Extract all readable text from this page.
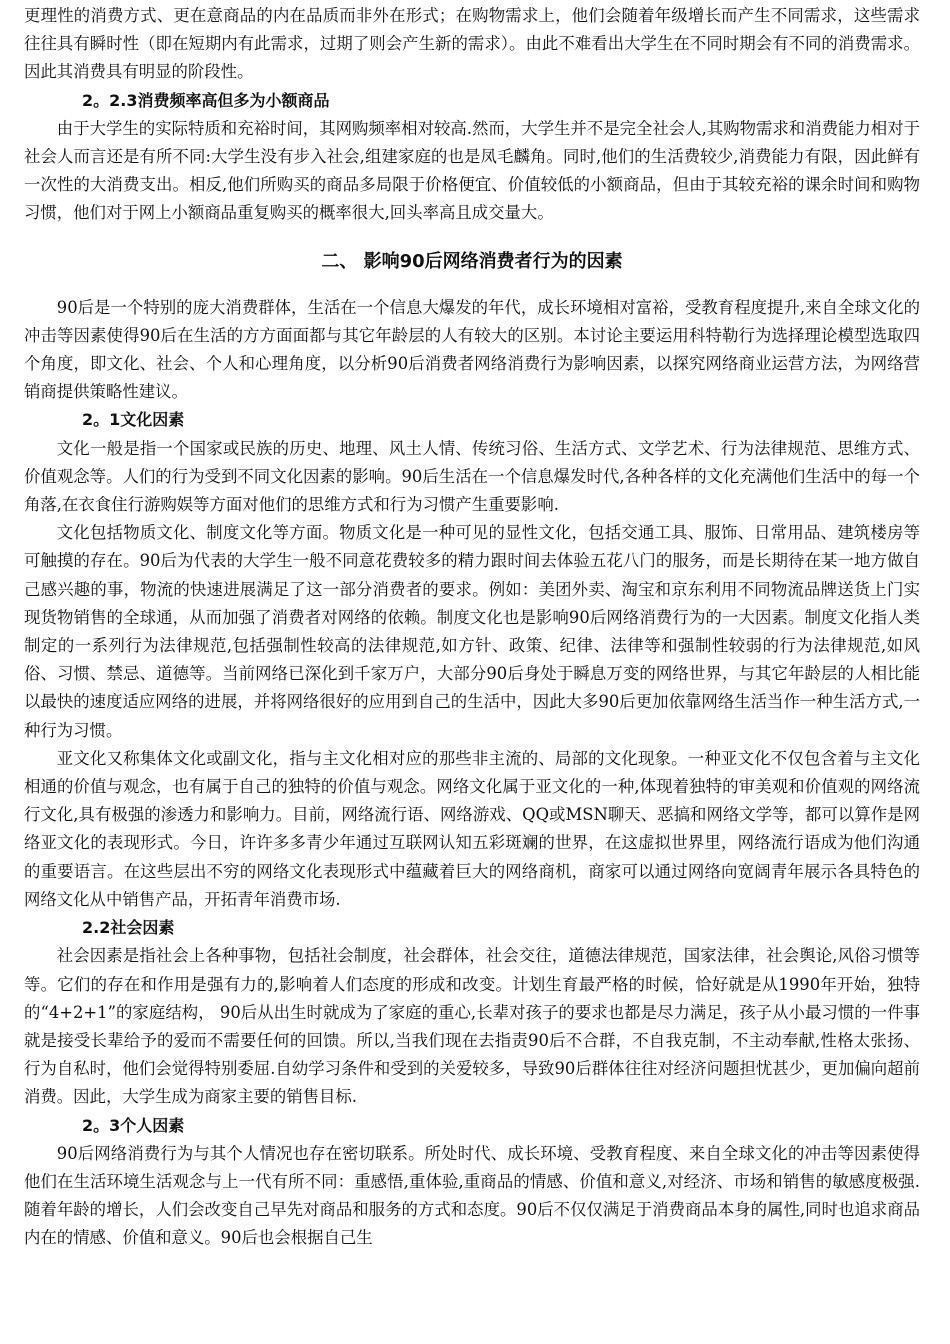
更理性的消费方式、更在意商品的内在品质而非外在形式；在购物需求上，他们会随着年级增长而产生不同需求，这些需求往往具有瞬时性（即在短期内有此需求，过期了则会产生新的需求）。由此不难看出大学生在不同时期会有不同的消费需求。因此其消费具有明显的阶段性。

2。2.3消费频率高但多为小额商品

由于大学生的实际特质和充裕时间，其网购频率相对较高.然而，大学生并不是完全社会人,其购物需求和消费能力相对于社会人而言还是有所不同:大学生没有步入社会,组建家庭的也是凤毛麟角。同时,他们的生活费较少,消费能力有限，因此鲜有一次性的大消费支出。相反,他们所购买的商品多局限于价格便宜、价值较低的小额商品，但由于其较充裕的课余时间和购物习惯，他们对于网上小额商品重复购买的概率很大,回头率高且成交量大。

二、 影响90后网络消费者行为的因素

90后是一个特别的庞大消费群体，生活在一个信息大爆发的年代，成长环境相对富裕，受教育程度提升,来自全球文化的冲击等因素使得90后在生活的方方面面都与其它年龄层的人有较大的区别。本讨论主要运用科特勒行为选择理论模型选取四个角度，即文化、社会、个人和心理角度，以分析90后消费者网络消费行为影响因素，以探究网络商业运营方法，为网络营销商提供策略性建议。

2。1文化因素

文化一般是指一个国家或民族的历史、地理、风土人情、传统习俗、生活方式、文学艺术、行为法律规范、思维方式、价值观念等。人们的行为受到不同文化因素的影响。90后生活在一个信息爆发时代,各种各样的文化充满他们生活中的每一个角落,在衣食住行游购娱等方面对他们的思维方式和行为习惯产生重要影响.

文化包括物质文化、制度文化等方面。物质文化是一种可见的显性文化，包括交通工具、服饰、日常用品、建筑楼房等可触摸的存在。90后为代表的大学生一般不同意花费较多的精力跟时间去体验五花八门的服务，而是长期待在某一地方做自己感兴趣的事，物流的快速进展满足了这一部分消费者的要求。例如：美团外卖、淘宝和京东利用不同物流品牌送货上门实现货物销售的全球通，从而加强了消费者对网络的依赖。制度文化也是影响90后网络消费行为的一大因素。制度文化指人类制定的一系列行为法律规范,包括强制性较高的法律规范,如方针、政策、纪律、法律等和强制性较弱的行为法律规范,如风俗、习惯、禁忌、道德等。当前网络已深化到千家万户，大部分90后身处于瞬息万变的网络世界，与其它年龄层的人相比能以最快的速度适应网络的进展，并将网络很好的应用到自己的生活中，因此大多90后更加依靠网络生活当作一种生活方式,一种行为习惯。

亚文化又称集体文化或副文化，指与主文化相对应的那些非主流的、局部的文化现象。一种亚文化不仅包含着与主文化相通的价值与观念，也有属于自己的独特的价值与观念。网络文化属于亚文化的一种,体现着独特的审美观和价值观的网络流行文化,具有极强的渗透力和影响力。目前，网络流行语、网络游戏、QQ或MSN聊天、恶搞和网络文学等，都可以算作是网络亚文化的表现形式。今日，许许多多青少年通过互联网认知五彩斑斓的世界，在这虚拟世界里，网络流行语成为他们沟通的重要语言。在这些层出不穷的网络文化表现形式中蕴藏着巨大的网络商机，商家可以通过网络向宽阔青年展示各具特色的网络文化从中销售产品，开拓青年消费市场.

2.2社会因素

社会因素是指社会上各种事物，包括社会制度，社会群体，社会交往，道德法律规范，国家法律，社会舆论,风俗习惯等等。它们的存在和作用是强有力的,影响着人们态度的形成和改变。计划生育最严格的时候，恰好就是从1990年开始，独特的“4+2+1”的家庭结构， 90后从出生时就成为了家庭的重心,长辈对孩子的要求也都是尽力满足，孩子从小最习惯的一件事就是接受长辈给予的爱而不需要任何的回馈。所以,当我们现在去指责90后不合群，不自我克制，不主动奉献,性格太张扬、行为自私时，他们会觉得特别委屈.自幼学习条件和受到的关爱较多，导致90后群体往往对经济问题担忧甚少，更加偏向超前消费。因此，大学生成为商家主要的销售目标.

2。3个人因素

90后网络消费行为与其个人情况也存在密切联系。所处时代、成长环境、受教育程度、来自全球文化的冲击等因素使得他们在生活环境生活观念与上一代有所不同：重感悟,重体验,重商品的情感、价值和意义,对经济、市场和销售的敏感度极强.随着年龄的增长，人们会改变自己早先对商品和服务的方式和态度。90后不仅仅满足于消费商品本身的属性,同时也追求商品内在的情感、价值和意义。90后也会根据自己生
